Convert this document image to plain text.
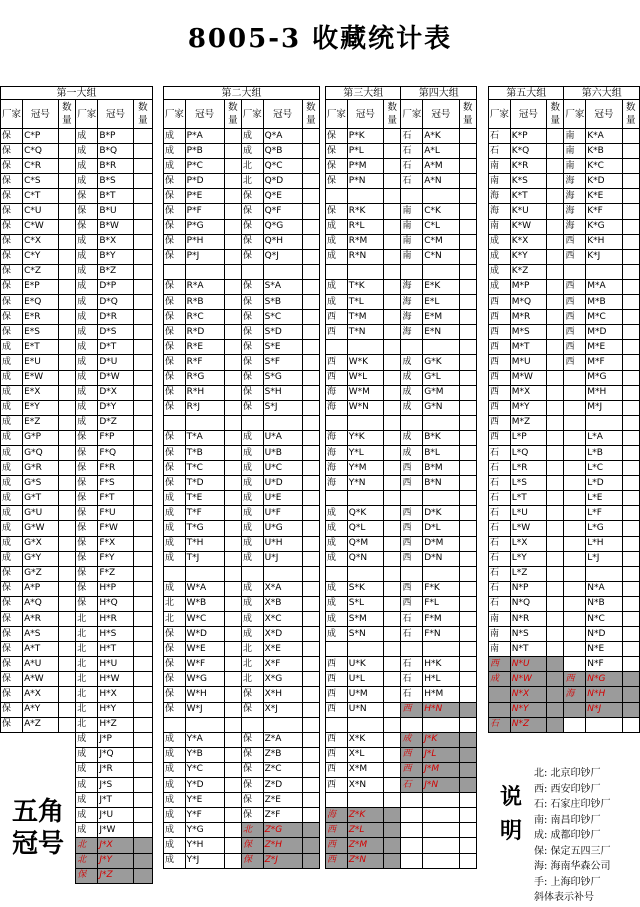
8005-3 收藏统计表
第一大组					
厂家	冠号	数量	厂家	冠号	数量
保	C*P		成	B*P	
保	C*Q		成	B*Q	
保	C*R		成	B*R	
保	C*S		成	B*S	
保	C*T		保	B*T	
保	C*U		保	B*U	
保	C*W		保	B*W	
保	C*X		成	B*X	
保	C*Y		成	B*Y	
保	C*Z		成	B*Z	
保	E*P		成	D*P	
保	E*Q		成	D*Q	
保	E*R		成	D*R	
保	E*S		成	D*S	
成	E*T		成	D*T	
成	E*U		成	D*U	
成	E*W		成	D*W	
成	E*X		成	D*X	
成	E*Y		成	D*Y	
成	E*Z		成	D*Z	
成	G*P		保	F*P	
成	G*Q		保	F*Q	
成	G*R		保	F*R	
成	G*S		保	F*S	
成	G*T		保	F*T	
成	G*U		保	F*U	
成	G*W		保	F*W	
成	G*X		保	F*X	
成	G*Y		保	F*Y	
保	G*Z		保	F*Z	
保	A*P		保	H*P	
保	A*Q		保	H*Q	
保	A*R		北	H*R	
保	A*S		北	H*S	
保	A*T		北	H*T	
保	A*U		北	H*U	
保	A*W		北	H*W	
保	A*X		北	H*X	
保	A*Y		北	H*Y	
保	A*Z		北	H*Z	
			成	J*P	
			成	J*Q	
			成	J*R	
			成	J*S	
			成	J*T	
			成	J*U	
			成	J*W	
			北	J*X	
			北	J*Y	
			保	J*Z	
第二大组					
厂家	冠号	数量	厂家	冠号	数量
成	P*A		成	Q*A	
成	P*B		成	Q*B	
成	P*C		北	Q*C	
保	P*D		北	Q*D	
保	P*E		保	Q*E	
保	P*F		保	Q*F	
保	P*G		保	Q*G	
保	P*H		保	Q*H	
保	P*J		保	Q*J	

保	R*A		保	S*A	
保	R*B		保	S*B	
保	R*C		保	S*C	
保	R*D		保	S*D	
保	R*E		保	S*E	
保	R*F		保	S*F	
保	R*G		保	S*G	
保	R*H		保	S*H	
保	R*J		保	S*J	

保	T*A		成	U*A	
保	T*B		成	U*B	
保	T*C		成	U*C	
保	T*D		成	U*D	
成	T*E		成	U*E	
成	T*F		成	U*F	
成	T*G		成	U*G	
成	T*H		成	U*H	
成	T*J		成	U*J	

成	W*A		成	X*A	
北	W*B		成	X*B	
北	W*C		成	X*C	
保	W*D		成	X*D	
保	W*E		北	X*E	
保	W*F		北	X*F	
保	W*G		北	X*G	
保	W*H		保	X*H	
保	W*J		保	X*J	

成	Y*A		保	Z*A	
成	Y*B		保	Z*B	
成	Y*C		保	Z*C	
成	Y*D		保	Z*D	
成	Y*E		保	Z*E	
成	Y*F		保	Z*F	
成	Y*G		北	Z*G	
成	Y*H		保	Z*H	
成	Y*J		保	Z*J	
第三大组			第四大组		
厂家	冠号	数量	厂家	冠号	数量
保	P*K		石	A*K	
保	P*L		石	A*L	
保	P*M		石	A*M	
保	P*N		石	A*N	

保	R*K		南	C*K	
成	R*L		南	C*L	
成	R*M		南	C*M	
成	R*N		南	C*N	

成	T*K		海	E*K	
成	T*L		海	E*L	
西	T*M		海	E*M	
西	T*N		海	E*N	

西	W*K		成	G*K	
西	W*L		成	G*L	
海	W*M		成	G*M	
海	W*N		成	G*N	

海	Y*K		成	B*K	
海	Y*L		成	B*L	
海	Y*M		西	B*M	
海	Y*N		西	B*N	

成	Q*K		西	D*K	
成	Q*L		西	D*L	
成	Q*M		西	D*M	
成	Q*N		西	D*N	

成	S*K		西	F*K	
成	S*L		西	F*L	
成	S*M		石	F*M	
成	S*N		石	F*N	

西	U*K		石	H*K	
西	U*L		石	H*L	
西	U*M		石	H*M	
西	U*N		西	H*N	

西	X*K		成	J*K	
西	X*L		西	J*L	
西	X*M		西	J*M	
西	X*N		石	J*N	

海	Z*K				
西	Z*L				
西	Z*M				
西	Z*N				
第五大组			第六大组		
厂家	冠号	数量	厂家	冠号	数量
石	K*P		南	K*A	
石	K*Q		南	K*B	
南	K*R		南	K*C	
南	K*S		海	K*D	
海	K*T		海	K*E	
海	K*U		海	K*F	
南	K*W		海	K*G	
成	K*X		西	K*H	
成	K*Y		西	K*J	
成	K*Z				
成	M*P		西	M*A	
西	M*Q		西	M*B	
西	M*R		西	M*C	
西	M*S		西	M*D	
西	M*T		西	M*E	
西	M*U		西	M*F	
西	M*W			M*G	
西	M*X			M*H	
西	M*Y			M*J	
西	M*Z				
西	L*P			L*A	
石	L*Q			L*B	
石	L*R			L*C	
石	L*S			L*D	
石	L*T			L*E	
石	L*U			L*F	
石	L*W			L*G	
石	L*X			L*H	
石	L*Y			L*J	
石	L*Z				
石	N*P			N*A	
石	N*Q			N*B	
南	N*R			N*C	
南	N*S			N*D	
南	N*T			N*E	
西	N*U			N*F	
成	N*W		西	N*G	
	N*X		海	N*H	
	N*Y			N*J	
石	N*Z				
五角
冠号
说
明
北: 北京印钞厂
西: 西安印钞厂
石: 石家庄印钞厂
南: 南昌印钞厂
成: 成都印钞厂
保: 保定五四三厂
海: 海南华森公司
手: 上海印钞厂
斜体表示补号
